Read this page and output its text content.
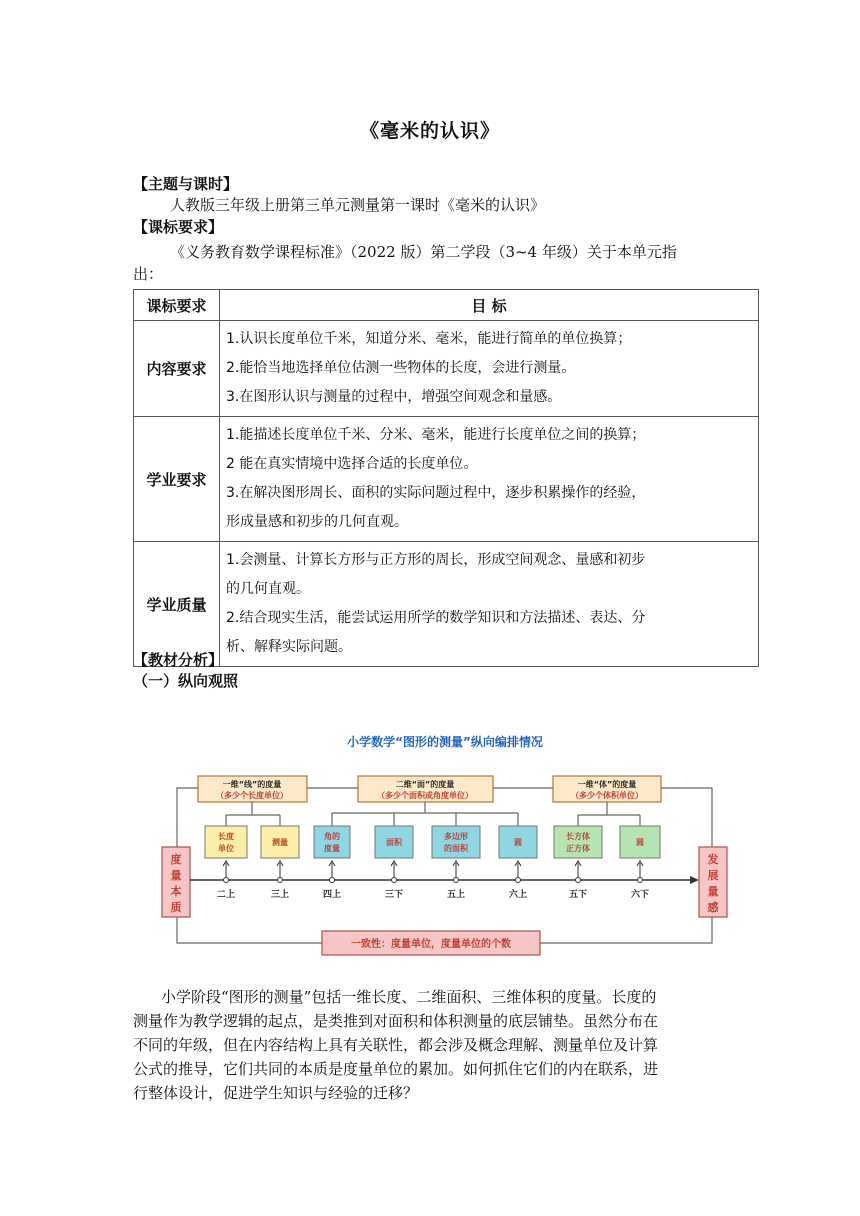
《毫米的认识》
【主题与课时】
人教版三年级上册第三单元测量第一课时《毫米的认识》
【课标要求】
《义务教育数学课程标准》（2022 版）第二学段（3~4 年级）关于本单元指
出：
课标要求	目 标
内容要求	1.认识长度单位千米，知道分米、毫米，能进行简单的单位换算；
2.能恰当地选择单位估测一些物体的长度，会进行测量。
3.在图形认识与测量的过程中，增强空间观念和量感。

学业要求	1.能描述长度单位千米、分米、毫米，能进行长度单位之间的换算；
2 能在真实情境中选择合适的长度单位。
3.在解决图形周长、面积的实际问题过程中，逐步积累操作的经验，
形成量感和初步的几何直观。

学业质量	1.会测量、计算长方形与正方形的周长，形成空间观念、量感和初步
的几何直观。
2.结合现实生活，能尝试运用所学的数学知识和方法描述、表达、分
析、解释实际问题。
【教材分析】
（一）纵向观照
小学数学“图形的测量”纵向编排情况
一维“线”的度量
（多少个长度单位）
二维“面”的度量
（多少个面积或角度单位）
一维“体”的度量
（多少个体积单位）
长度
单位
测量
角的
度量
面积
多边形
的面积
圆
长方体
正方体
圆
度
量
本
质
发
展
量
感
二上	三上	四上	三下	五上	六上	五下	六下
一致性：度量单位，度量单位的个数
小学阶段“图形的测量”包括一维长度、二维面积、三维体积的度量。长度的
测量作为教学逻辑的起点，是类推到对面积和体积测量的底层铺垫。虽然分布在
不同的年级，但在内容结构上具有关联性，都会涉及概念理解、测量单位及计算
公式的推导，它们共同的本质是度量单位的累加。如何抓住它们的内在联系，进
行整体设计，促进学生知识与经验的迁移？
